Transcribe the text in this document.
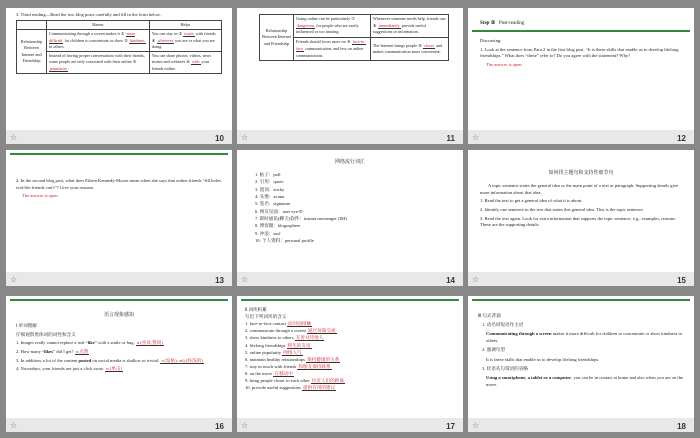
3. Third reading—Read the two blog posts carefully and fill in the form below.
	Harms	Helps
Relationship Between Internet and Friendship	Communicating through a screen makes it ① more difficult for children to concentrate or show ② kindness to others.	You can stay in ③ touch with friends ④ wherever you are or what you are doing.
	Instead of having proper conversations with their friends, some people are only concerned with their online ⑤ popularity.	You can share photos, videos, news stories and websites ⑥ with your friends online.
☆	10
Relationship Between Internet and Friendship	Going online can be particularly ⑦ dangerous for people who are easily influenced or too trusting.	Whenever someone needs help, friends can ⑧ immediately provide useful suggestions or information.
	Friends should focus more on ⑨ face-to-face communication, and less on online communication.	The Internet brings people ⑩ closer and makes communication more convenient.
☆	11
Step ③ Post-reading

Discussing:

1. Look at the sentence from Para.2 in the first blog post. “It is these skills that enable us to develop lifelong friendships.” What does “these” refer to? Do you agree with the statement? Why?

The answer is open.

☆	12

2. In the second blog post, what does Eileen Kennedy-Moore mean when she says that online friends “fill holes real-life friends can’t”? Give your reasons.

The answer is open.

☆	13
网络流行词汇
1. 帖子：poll
2. 引用：quote
3. 置顶：sticky
4. 头像：avatar
5. 签名：signature
6. 网友见面：user eye-D
7. 即时通讯(聊天)软件：instant messenger (IM)
8. 博客圈：blogosphere
9. 冲浪：surf
10. 个人资料：personal profile
☆	14
如何找主题句和支持性细节句

A topic sentence states the general idea or the main point of a text or paragraph. Supporting details give more information about that idea.

1. Read the text to get a general idea of what it is about.

2. Identify one sentence in the text that states this general idea. This is the topic sentence.

3. Read the text again. Look for extra information that supports the topic sentence, e.g., examples, reasons. These are the supporting details.

☆	15
语言现象感知

Ⅰ.单词理解

仔细观察黑体词的词性和含义

1. Images really cannot replace a real “like” with a smile or hug. n.(喜欢,赞同)

2. How many “likes” did I get? n.点赞

3. In addition, a lot of the content posted on social media is shallow or trivial. v.(发帖); adj.(肤浅的)

4. Nowadays, your friends are just a click away. n.(单击)

☆	16
Ⅱ.词块积累
写出下列词块的含义
1. face-to-face contact 面对面接触
2. communicate through a screen 通过屏幕交流
3. show kindness to others 友善对待他人
4. lifelong friendships 终生的友谊
5. online popularity 网络人气
6. maintain healthy relationships 保持健康的关系
7. stay in touch with friends 和朋友保持联系
8. on the move 在移动中
9. bring people closer to each other 拉近人们的距离
10. provide useful suggestions 提供有用的建议
☆	17

Ⅲ.句式背诵

1. 动名词短语作主语

Communicating through a screen makes it more difficult for children to concentrate or show kindness to others.

2. 强调句型

It is these skills that enable us to develop lifelong friendships.

3. 状语从句谓语的省略

Using a smartphone, a tablet or a computer, you can be in contact at home and also when you are on the move.

☆	18
